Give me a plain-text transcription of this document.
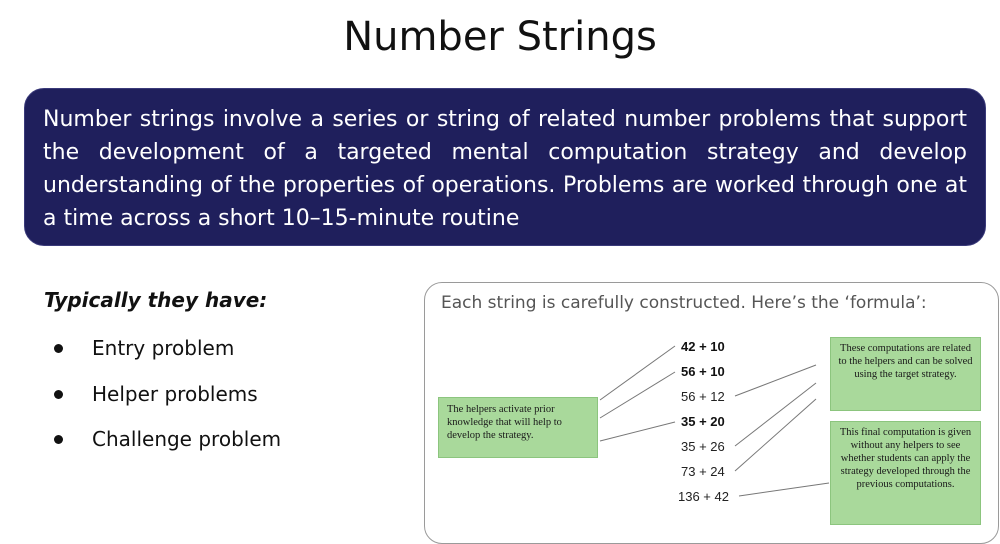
Number Strings
Number strings involve a series or string of related number problems that support the development of a targeted mental computation strategy and develop understanding of the properties of operations. Problems are worked through one at a time across a short 10–15-minute routine
Typically they have:
Entry problem
Helper problems
Challenge problem
Each string is carefully constructed. Here’s the ‘formula’:
The helpers activate prior knowledge that will help to develop the strategy.
These computations are related to the helpers and can be solved using the target strategy.
This final computation is given without any helpers to see whether students can apply the strategy developed through the previous computations.
42 + 10
56 + 10
56 + 12
35 + 20
35 + 26
73 + 24
136 + 42
